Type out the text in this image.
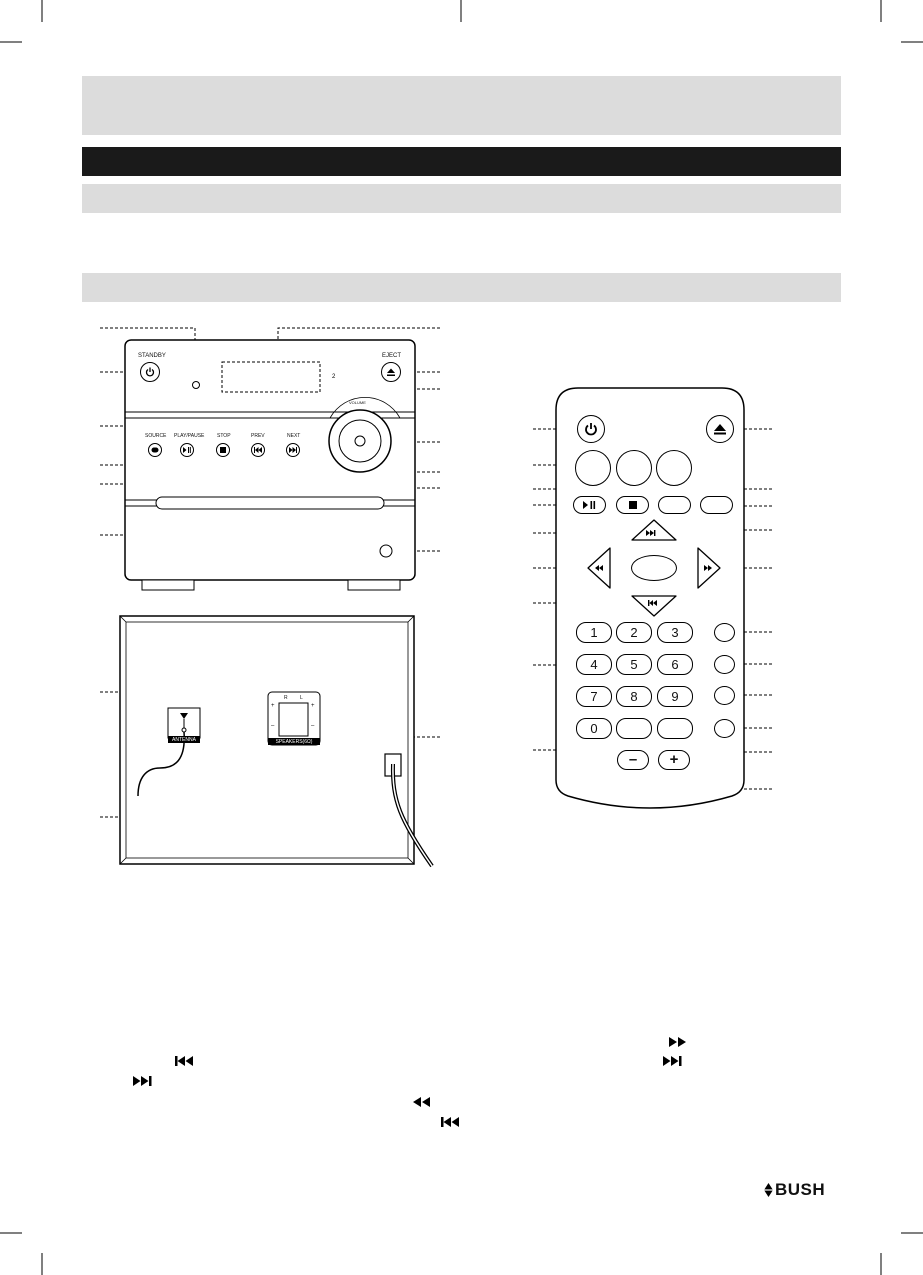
2
STANDBY	EJECT
VOLUME
SOURCE PLAY/PAUSE	STOP	PREV	NEXT
ANTENNA	SPEAKERS(6Ω)
R L
+
–
+
–
1	2	3
4	5	6
7	8	9
0
–	+
BUSH
